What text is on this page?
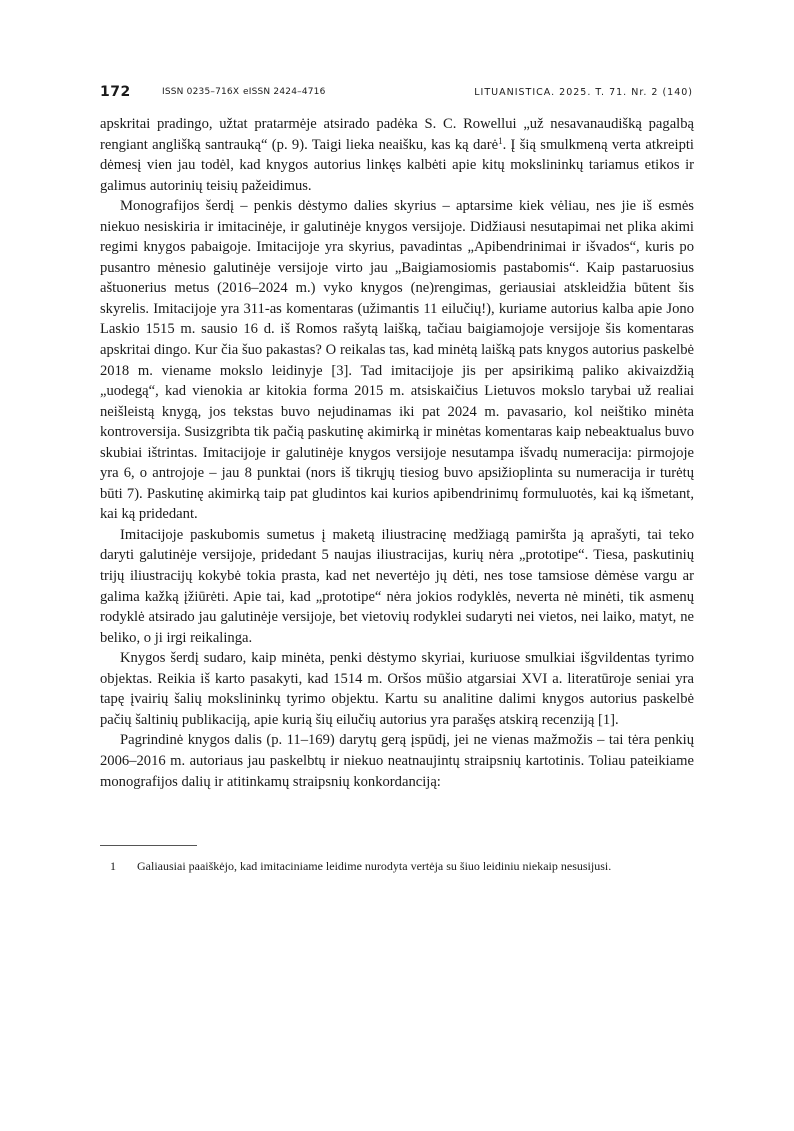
172	ISSN 0235–716X eISSN 2424–4716	LITUANISTICA. 2025. T. 71. Nr. 2 (140)

apskritai pradingo, užtat pratarmėje atsirado padėka S. C. Rowellui „už nesavanaudišką pagalbą rengiant anglišką santrauką“ (p. 9). Taigi lieka neaišku, kas ką darė$^1$. Į šią smulkmeną verta atkreipti dėmesį vien jau todėl, kad knygos autorius linkęs kalbėti apie kitų mokslininkų tariamus etikos ir galimus autorinių teisių pažeidimus.

Monografijos šerdį – penkis dėstymo dalies skyrius – aptarsime kiek vėliau, nes jie iš esmės niekuo nesiskiria ir imitacinėje, ir galutinėje knygos versijoje. Didžiausi nesutapimai net plika akimi regimi knygos pabaigoje. Imitacijoje yra skyrius, pavadintas „Apibendrinimai ir išvados“, kuris po pusantro mėnesio galutinėje versijoje virto jau „Baigiamosiomis pastabomis“. Kaip pastaruosius aštuonerius metus (2016–2024 m.) vyko knygos (ne)rengimas, geriausiai atskleidžia būtent šis skyrelis. Imitacijoje yra 311-as komentaras (užimantis 11 eilučių!), kuriame autorius kalba apie Jono Laskio 1515 m. sausio 16 d. iš Romos rašytą laišką, tačiau baigiamojoje versijoje šis komentaras apskritai dingo. Kur čia šuo pakastas? O reikalas tas, kad minėtą laišką pats knygos autorius paskelbė 2018 m. viename mokslo leidinyje [3]. Tad imitacijoje jis per apsirikimą paliko akivaizdžią „uodegą“, kad vienokia ar kitokia forma 2015 m. atsiskaičius Lietuvos mokslo tarybai už realiai neišleistą knygą, jos tekstas buvo nejudinamas iki pat 2024 m. pavasario, kol neištiko minėta kontroversija. Susizgribta tik pačią paskutinę akimirką ir minėtas komentaras kaip nebeaktualus buvo skubiai ištrintas. Imitacijoje ir galutinėje knygos versijoje nesutampa išvadų numeracija: pirmojoje yra 6, o antrojoje – jau 8 punktai (nors iš tikrųjų tiesiog buvo apsižioplinta su numeracija ir turėtų būti 7). Paskutinę akimirką taip pat gludintos kai kurios apibendrinimų formuluotės, kai ką išmetant, kai ką pridedant.

Imitacijoje paskubomis sumetus į maketą iliustracinę medžiagą pamiršta ją aprašyti, tai teko daryti galutinėje versijoje, pridedant 5 naujas iliustracijas, kurių nėra „prototipe“. Tiesa, paskutinių trijų iliustracijų kokybė tokia prasta, kad net nevertėjo jų dėti, nes tose tamsiose dėmėse vargu ar galima kažką įžiūrėti. Apie tai, kad „prototipe“ nėra jokios rodyklės, neverta nė minėti, tik asmenų rodyklė atsirado jau galutinėje versijoje, bet vietovių rodyklei sudaryti nei vietos, nei laiko, matyt, ne beliko, o ji irgi reikalinga.

Knygos šerdį sudaro, kaip minėta, penki dėstymo skyriai, kuriuose smulkiai išgvildentas tyrimo objektas. Reikia iš karto pasakyti, kad 1514 m. Oršos mūšio atgarsiai XVI a. literatūroje seniai yra tapę įvairių šalių mokslininkų tyrimo objektu. Kartu su analitine dalimi knygos autorius paskelbė pačių šaltinių publikaciją, apie kurią šių eilučių autorius yra parašęs atskirą recenziją [1].

Pagrindinė knygos dalis (p. 11–169) darytų gerą įspūdį, jei ne vienas mažmožis – tai tėra penkių 2006–2016 m. autoriaus jau paskelbtų ir niekuo neatnaujintų straipsnių kartotinis. Toliau pateikiame monografijos dalių ir atitinkamų straipsnių konkordanciją:

1 Galiausiai paaiškėjo, kad imitaciniame leidime nurodyta vertėja su šiuo leidiniu niekaip nesusijusi.
